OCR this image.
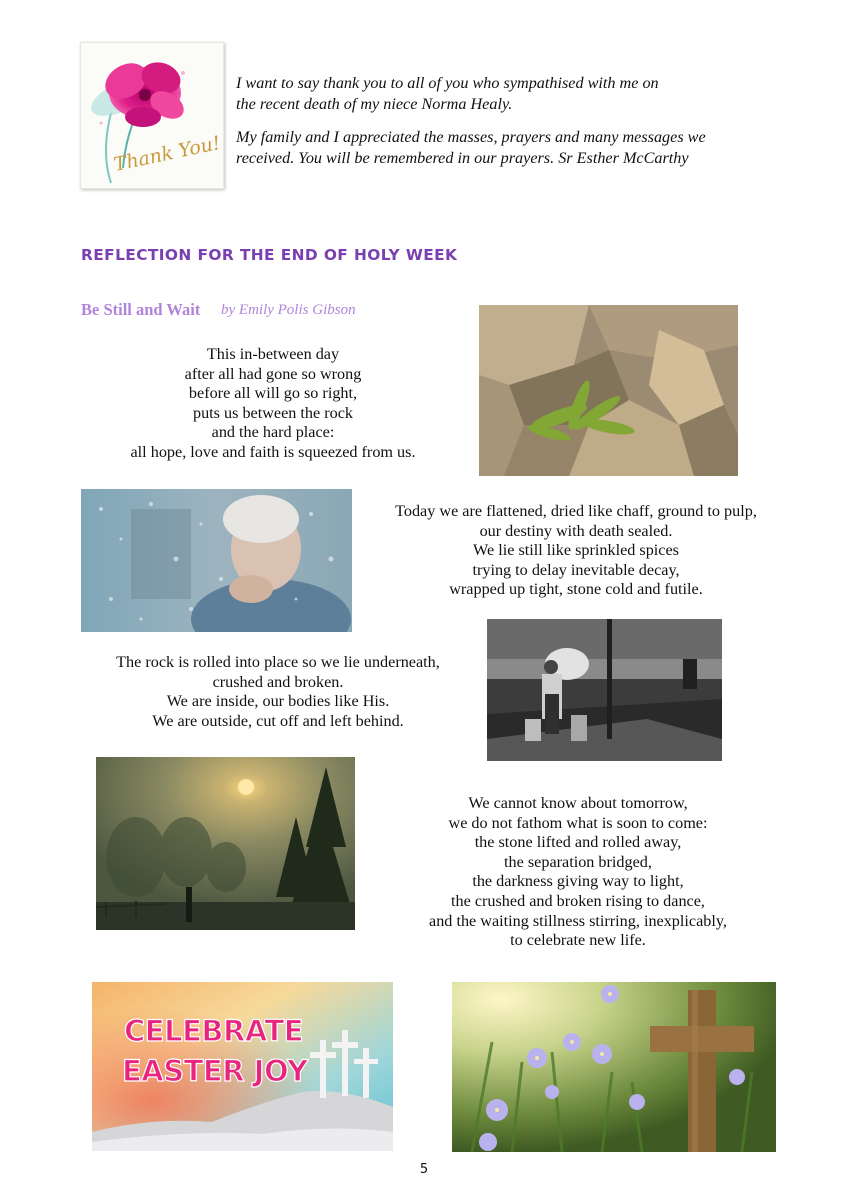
Thank You!

I want to say thank you to all of you who sympathised with me on

the recent death of my niece Norma Healy.

My family and I appreciated the masses, prayers and many messages we

received. You will be remembered in our prayers. Sr Esther McCarthy

REFLECTION FOR THE END OF HOLY WEEK
Be Still and Wait by Emily Polis Gibson
This in-between day
after all had gone so wrong
before all will go so right,
puts us between the rock
and the hard place:
all hope, love and faith is squeezed from us.
Today we are flattened, dried like chaff, ground to pulp,
our destiny with death sealed.
We lie still like sprinkled spices
trying to delay inevitable decay,
wrapped up tight, stone cold and futile.
The rock is rolled into place so we lie underneath,
crushed and broken.
We are inside, our bodies like His.
We are outside, cut off and left behind.
We cannot know about tomorrow,
we do not fathom what is soon to come:
the stone lifted and rolled away,
the separation bridged,
the darkness giving way to light,
the crushed and broken rising to dance,
and the waiting stillness stirring, inexplicably,
to celebrate new life.
CELEBRATE
EASTER JOY
5
